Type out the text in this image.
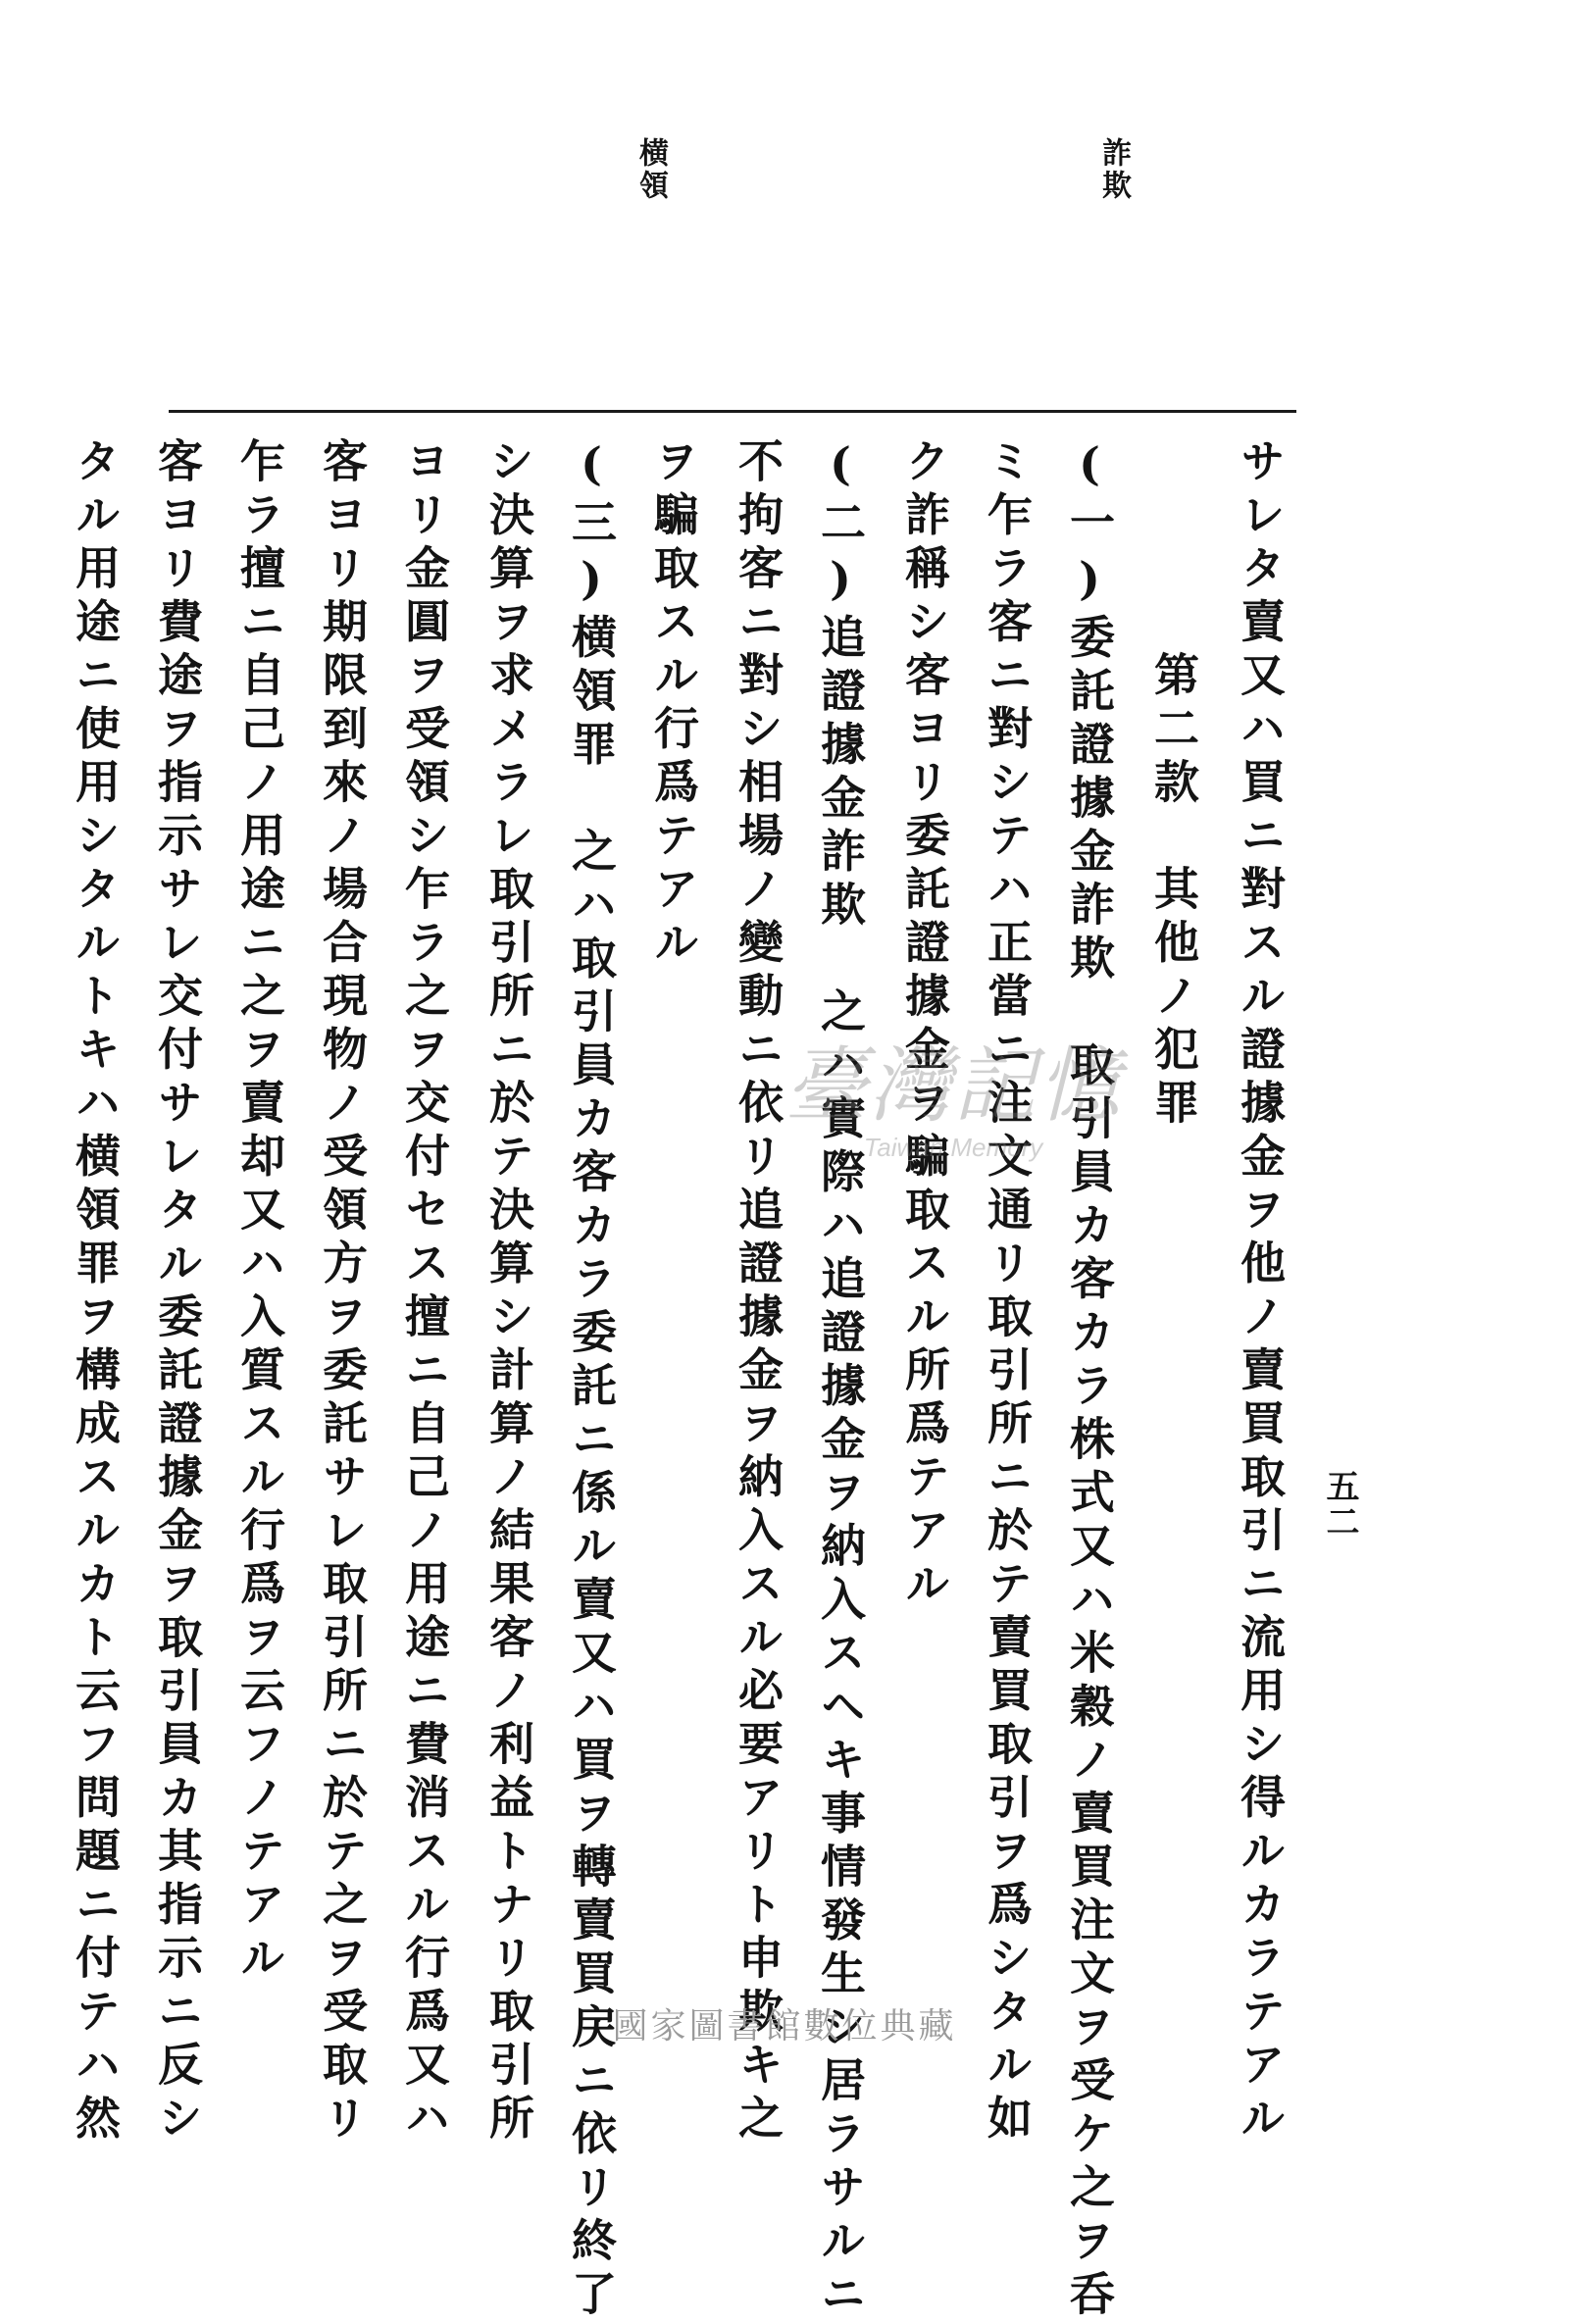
詐欺
横領
サレタ賣又ハ買ニ對スル證據金ヲ他ノ賣買取引ニ流用シ得ルカラテアル
第二款　其他ノ犯罪
(一)委託證據金詐欺　取引員カ客カラ株式又ハ米穀ノ賣買注文ヲ受ケ之ヲ呑
ミ乍ラ客ニ對シテハ正當ニ注文通リ取引所ニ於テ賣買取引ヲ爲シタル如
ク詐稱シ客ヨリ委託證據金ヲ騙取スル所爲テアル
(二)追證據金詐欺　之ハ實際ハ追證據金ヲ納入スヘキ事情發生シ居ラサルニ
不拘客ニ對シ相場ノ變動ニ依リ追證據金ヲ納入スル必要アリト申欺キ之
ヲ騙取スル行爲テアル
(三)横領罪　之ハ取引員カ客カラ委託ニ係ル賣又ハ買ヲ轉賣買戻ニ依リ終了
シ決算ヲ求メラレ取引所ニ於テ決算シ計算ノ結果客ノ利益トナリ取引所
ヨリ金圓ヲ受領シ乍ラ之ヲ交付セス擅ニ自己ノ用途ニ費消スル行爲又ハ
客ヨリ期限到來ノ場合現物ノ受領方ヲ委託サレ取引所ニ於テ之ヲ受取リ
乍ラ擅ニ自己ノ用途ニ之ヲ賣却又ハ入質スル行爲ヲ云フノテアル
客ヨリ費途ヲ指示サレ交付サレタル委託證據金ヲ取引員カ其指示ニ反シ
タル用途ニ使用シタルトキハ横領罪ヲ構成スルカト云フ問題ニ付テハ然	五二
臺灣記憶
Taiwan Memory
國家圖書館數位典藏
